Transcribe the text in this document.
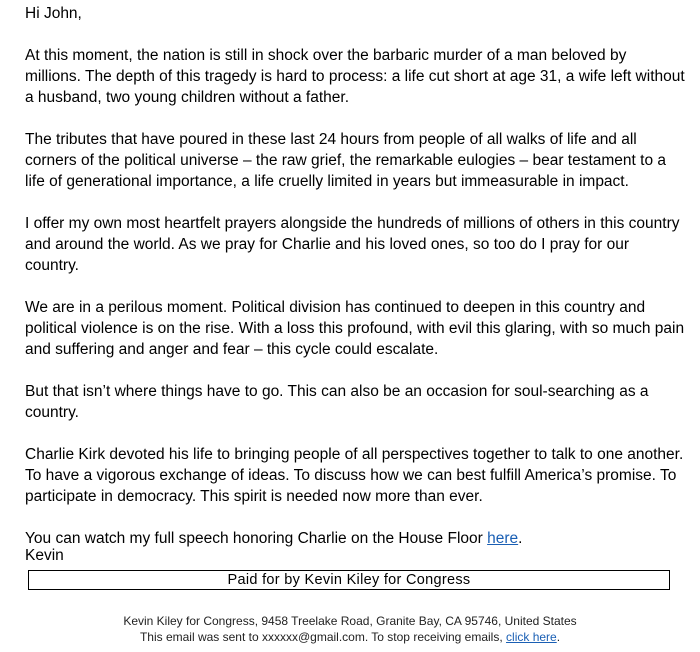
Hi John,

At this moment, the nation is still in shock over the barbaric murder of a man beloved by millions. The depth of this tragedy is hard to process: a life cut short at age 31, a wife left without a husband, two young children without a father.

The tributes that have poured in these last 24 hours from people of all walks of life and all corners of the political universe – the raw grief, the remarkable eulogies – bear testament to a life of generational importance, a life cruelly limited in years but immeasurable in impact.

I offer my own most heartfelt prayers alongside the hundreds of millions of others in this country and around the world. As we pray for Charlie and his loved ones, so too do I pray for our country.

We are in a perilous moment. Political division has continued to deepen in this country and political violence is on the rise. With a loss this profound, with evil this glaring, with so much pain and suffering and anger and fear – this cycle could escalate.

But that isn’t where things have to go. This can also be an occasion for soul-searching as a country.

Charlie Kirk devoted his life to bringing people of all perspectives together to talk to one another. To have a vigorous exchange of ideas. To discuss how we can best fulfill America’s promise. To participate in democracy. This spirit is needed now more than ever.

You can watch my full speech honoring Charlie on the House Floor here.

Kevin
Paid for by Kevin Kiley for Congress
Kevin Kiley for Congress, 9458 Treelake Road, Granite Bay, CA 95746, United States
This email was sent to xxxxxx@gmail.com. To stop receiving emails, click here.
